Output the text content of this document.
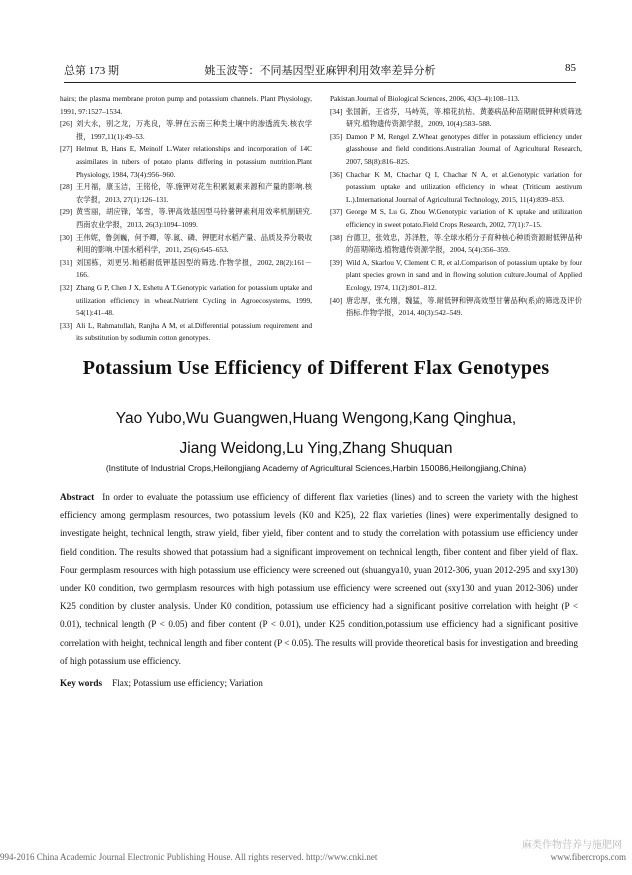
总第 173 期	姚玉波等：不同基因型亚麻钾利用效率差异分析	85
hairs; the plasma membrane proton pump and potassium channels. Plant Physiology, 1991, 97:1527–1534.
[26] 刘大永，别之龙，万兆良，等.钾在云南三种类土壤中的渗透流失.核农学报，1997,11(1):49–53.
[27] Helmut B, Hans E, Meinolf L.Water relationships and incorporation of 14C assimilates in tubers of potato plants differing in potassium nutrition.Plant Physiology, 1984, 73(4):956–960.
[28] 王月福，康玉洁，王铭伦，等.施钾对花生积累氮素来源和产量的影响.核农学报，2013, 27(1):126–131.
[29] 黄雪丽，胡应锋，邹雪，等.钾高效基因型马铃薯钾素利用效率机制研究.西南农业学报，2013, 26(3):1094–1099.
[30] 王伟妮，鲁剑巍，何予卿，等.氮、磷、钾肥对水稻产量、品质及养分吸收利用的影响.中国水稻科学，2011, 25(6):645–653.
[31] 刘国栋，刘更另.籼稻耐低钾基因型的筛选.作物学报，2002, 28(2):161－166.
[32] Zhang G P, Chen J X, Eshetu A T.Genotypic variation for potassium uptake and utilization efficiency in wheat.Nutrient Cycling in Agroecosystems, 1999, 54(1):41–48.
[33] Ali L, Rahmatullah, Ranjha A M, et al.Differential potassium requirement and its substitution by sodiumin cotton genotypes.
Pakistan Journal of Biological Sciences, 2006, 43(3–4):108–113.
[34] 张国新，王省芬，马峙英，等.棉花抗枯、黄萎病品种苗期耐低钾种质筛选研究.植物遗传资源学报，2009, 10(4):583–588.
[35] Damon P M, Rengel Z.Wheat genotypes differ in potassium efficiency under glasshouse and field conditions.Australian Journal of Agricultural Research, 2007, 58(8):816–825.
[36] Chachar K M, Chachar Q I, Chachar N A, et al.Genotypic variation for potassium uptake and utilization efficiency in wheat (Triticum aestivum L.).International Journal of Agricultural Technology, 2015, 11(4):839–853.
[37] George M S, Lu G, Zhou W.Genotypic variation of K uptake and utilization efficiency in sweet potato.Field Crops Research, 2002, 77(1):7–15.
[38] 台德卫，张效忠，苏泽胜，等.全球水稻分子育种核心种质资源耐低钾品种的苗期筛选.植物遗传资源学报，2004, 5(4):356–359.
[39] Wild A, Skarlou V, Clement C R, et al.Comparison of potassium uptake by four plant species grown in sand and in flowing solution culture.Journal of Applied Ecology, 1974, 11(2):801–812.
[40] 唐忠厚，张允刚，魏猛，等.耐低钾和钾高效型甘薯品种(系)的筛选及评价指标.作物学报，2014, 40(3):542–549.
Potassium Use Efficiency of Different Flax Genotypes
Yao Yubo,Wu Guangwen,Huang Wengong,Kang Qinghua,
Jiang Weidong,Lu Ying,Zhang Shuquan
(Institute of Industrial Crops,Heilongjiang Academy of Agricultural Sciences,Harbin 150086,Heilongjiang,China)
Abstract In order to evaluate the potassium use efficiency of different flax varieties (lines) and to screen the variety with the highest efficiency among germplasm resources, two potassium levels (K0 and K25), 22 flax varieties (lines) were experimentally designed to investigate height, technical length, straw yield, fiber yield, fiber content and to study the correlation with potassium use efficiency under field condition. The results showed that potassium had a significant improvement on technical length, fiber content and fiber yield of flax. Four germplasm resources with high potassium use efficiency were screened out (shuangya10, yuan 2012-306, yuan 2012-295 and sxy130) under K0 condition, two germplasm resources with high potassium use efficiency were screened out (sxy130 and yuan 2012-306) under K25 condition by cluster analysis. Under K0 condition, potassium use efficiency had a significant positive correlation with height (P < 0.01), technical length (P < 0.05) and fiber content (P < 0.01), under K25 condition,potassium use efficiency had a significant positive correlation with height, technical length and fiber content (P < 0.05). The results will provide theoretical basis for investigation and breeding of high potassium use efficiency.
Key words Flax; Potassium use efficiency; Variation
麻类作物营养与施肥网
994-2016 China Academic Journal Electronic Publishing House. All rights reserved. http://www.cnki.net	www.fibercrops.com
